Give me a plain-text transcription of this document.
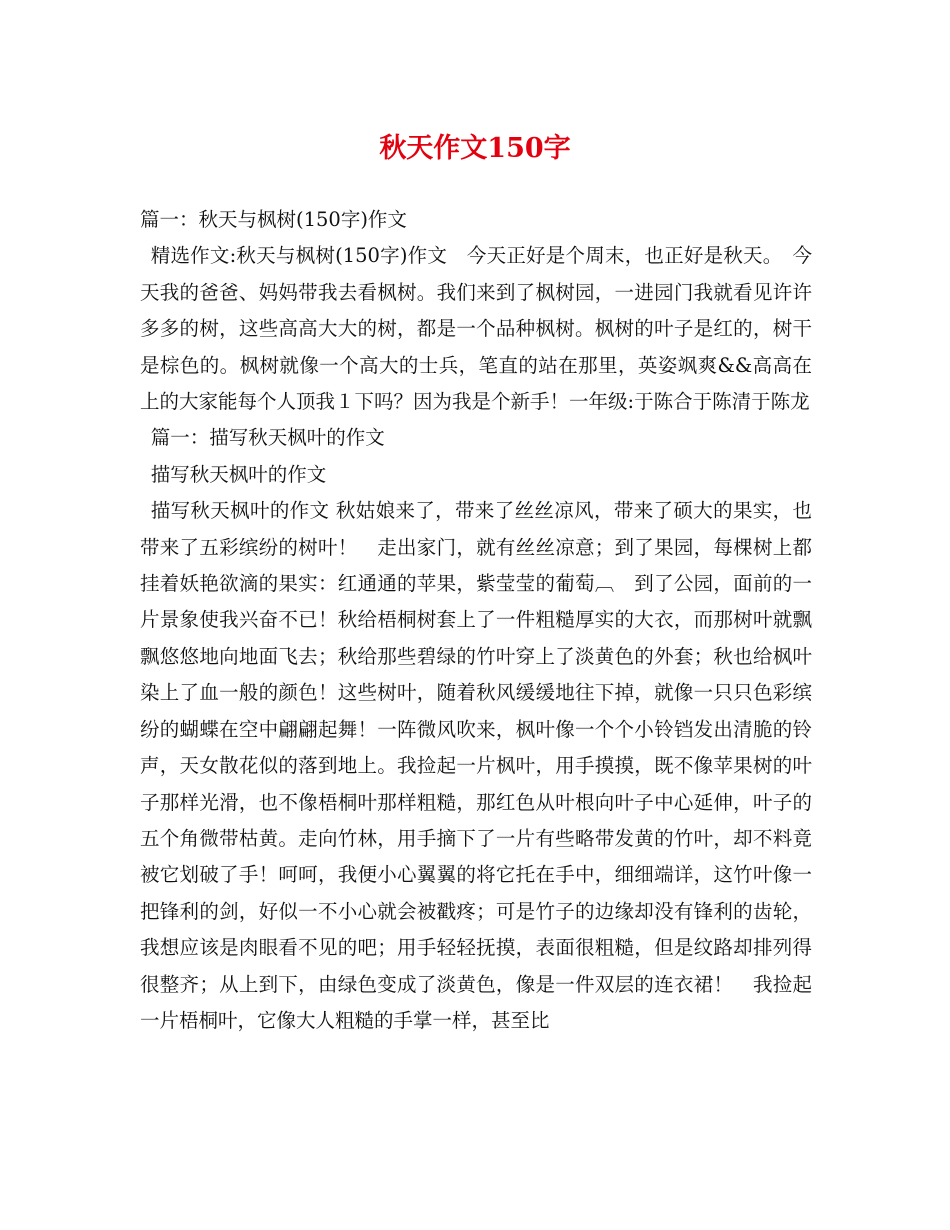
秋天作文150字

篇一：秋天与枫树(150字)作文

精选作文:秋天与枫树(150字)作文　今天正好是个周末，也正好是秋天。　今天我的爸爸、妈妈带我去看枫树。我们来到了枫树园，一进园门我就看见许许多多的树，这些高高大大的树，都是一个品种枫树。枫树的叶子是红的，树干是棕色的。枫树就像一个高大的士兵，笔直的站在那里，英姿飒爽&&高高在上的大家能每个人顶我１下吗？因为我是个新手！一年级:于陈合于陈清于陈龙

篇一：描写秋天枫叶的作文

描写秋天枫叶的作文

描写秋天枫叶的作文 秋姑娘来了，带来了丝丝凉风，带来了硕大的果实，也带来了五彩缤纷的树叶！　走出家门，就有丝丝凉意；到了果园，每棵树上都挂着妖艳欲滴的果实：红通通的苹果，紫莹莹的葡萄︹　到了公园，面前的一片景象使我兴奋不已！秋给梧桐树套上了一件粗糙厚实的大衣，而那树叶就飘飘悠悠地向地面飞去；秋给那些碧绿的竹叶穿上了淡黄色的外套；秋也给枫叶染上了血一般的颜色！这些树叶，随着秋风缓缓地往下掉，就像一只只色彩缤纷的蝴蝶在空中翩翩起舞！一阵微风吹来，枫叶像一个个小铃铛发出清脆的铃声，天女散花似的落到地上。我捡起一片枫叶，用手摸摸，既不像苹果树的叶子那样光滑，也不像梧桐叶那样粗糙，那红色从叶根向叶子中心延伸，叶子的五个角微带枯黄。走向竹林，用手摘下了一片有些略带发黄的竹叶，却不料竟被它划破了手！呵呵，我便小心翼翼的将它托在手中，细细端详，这竹叶像一把锋利的剑，好似一不小心就会被戳疼；可是竹子的边缘却没有锋利的齿轮，我想应该是肉眼看不见的吧；用手轻轻抚摸，表面很粗糙，但是纹路却排列得很整齐；从上到下，由绿色变成了淡黄色，像是一件双层的连衣裙！　我捡起一片梧桐叶，它像大人粗糙的手掌一样，甚至比
